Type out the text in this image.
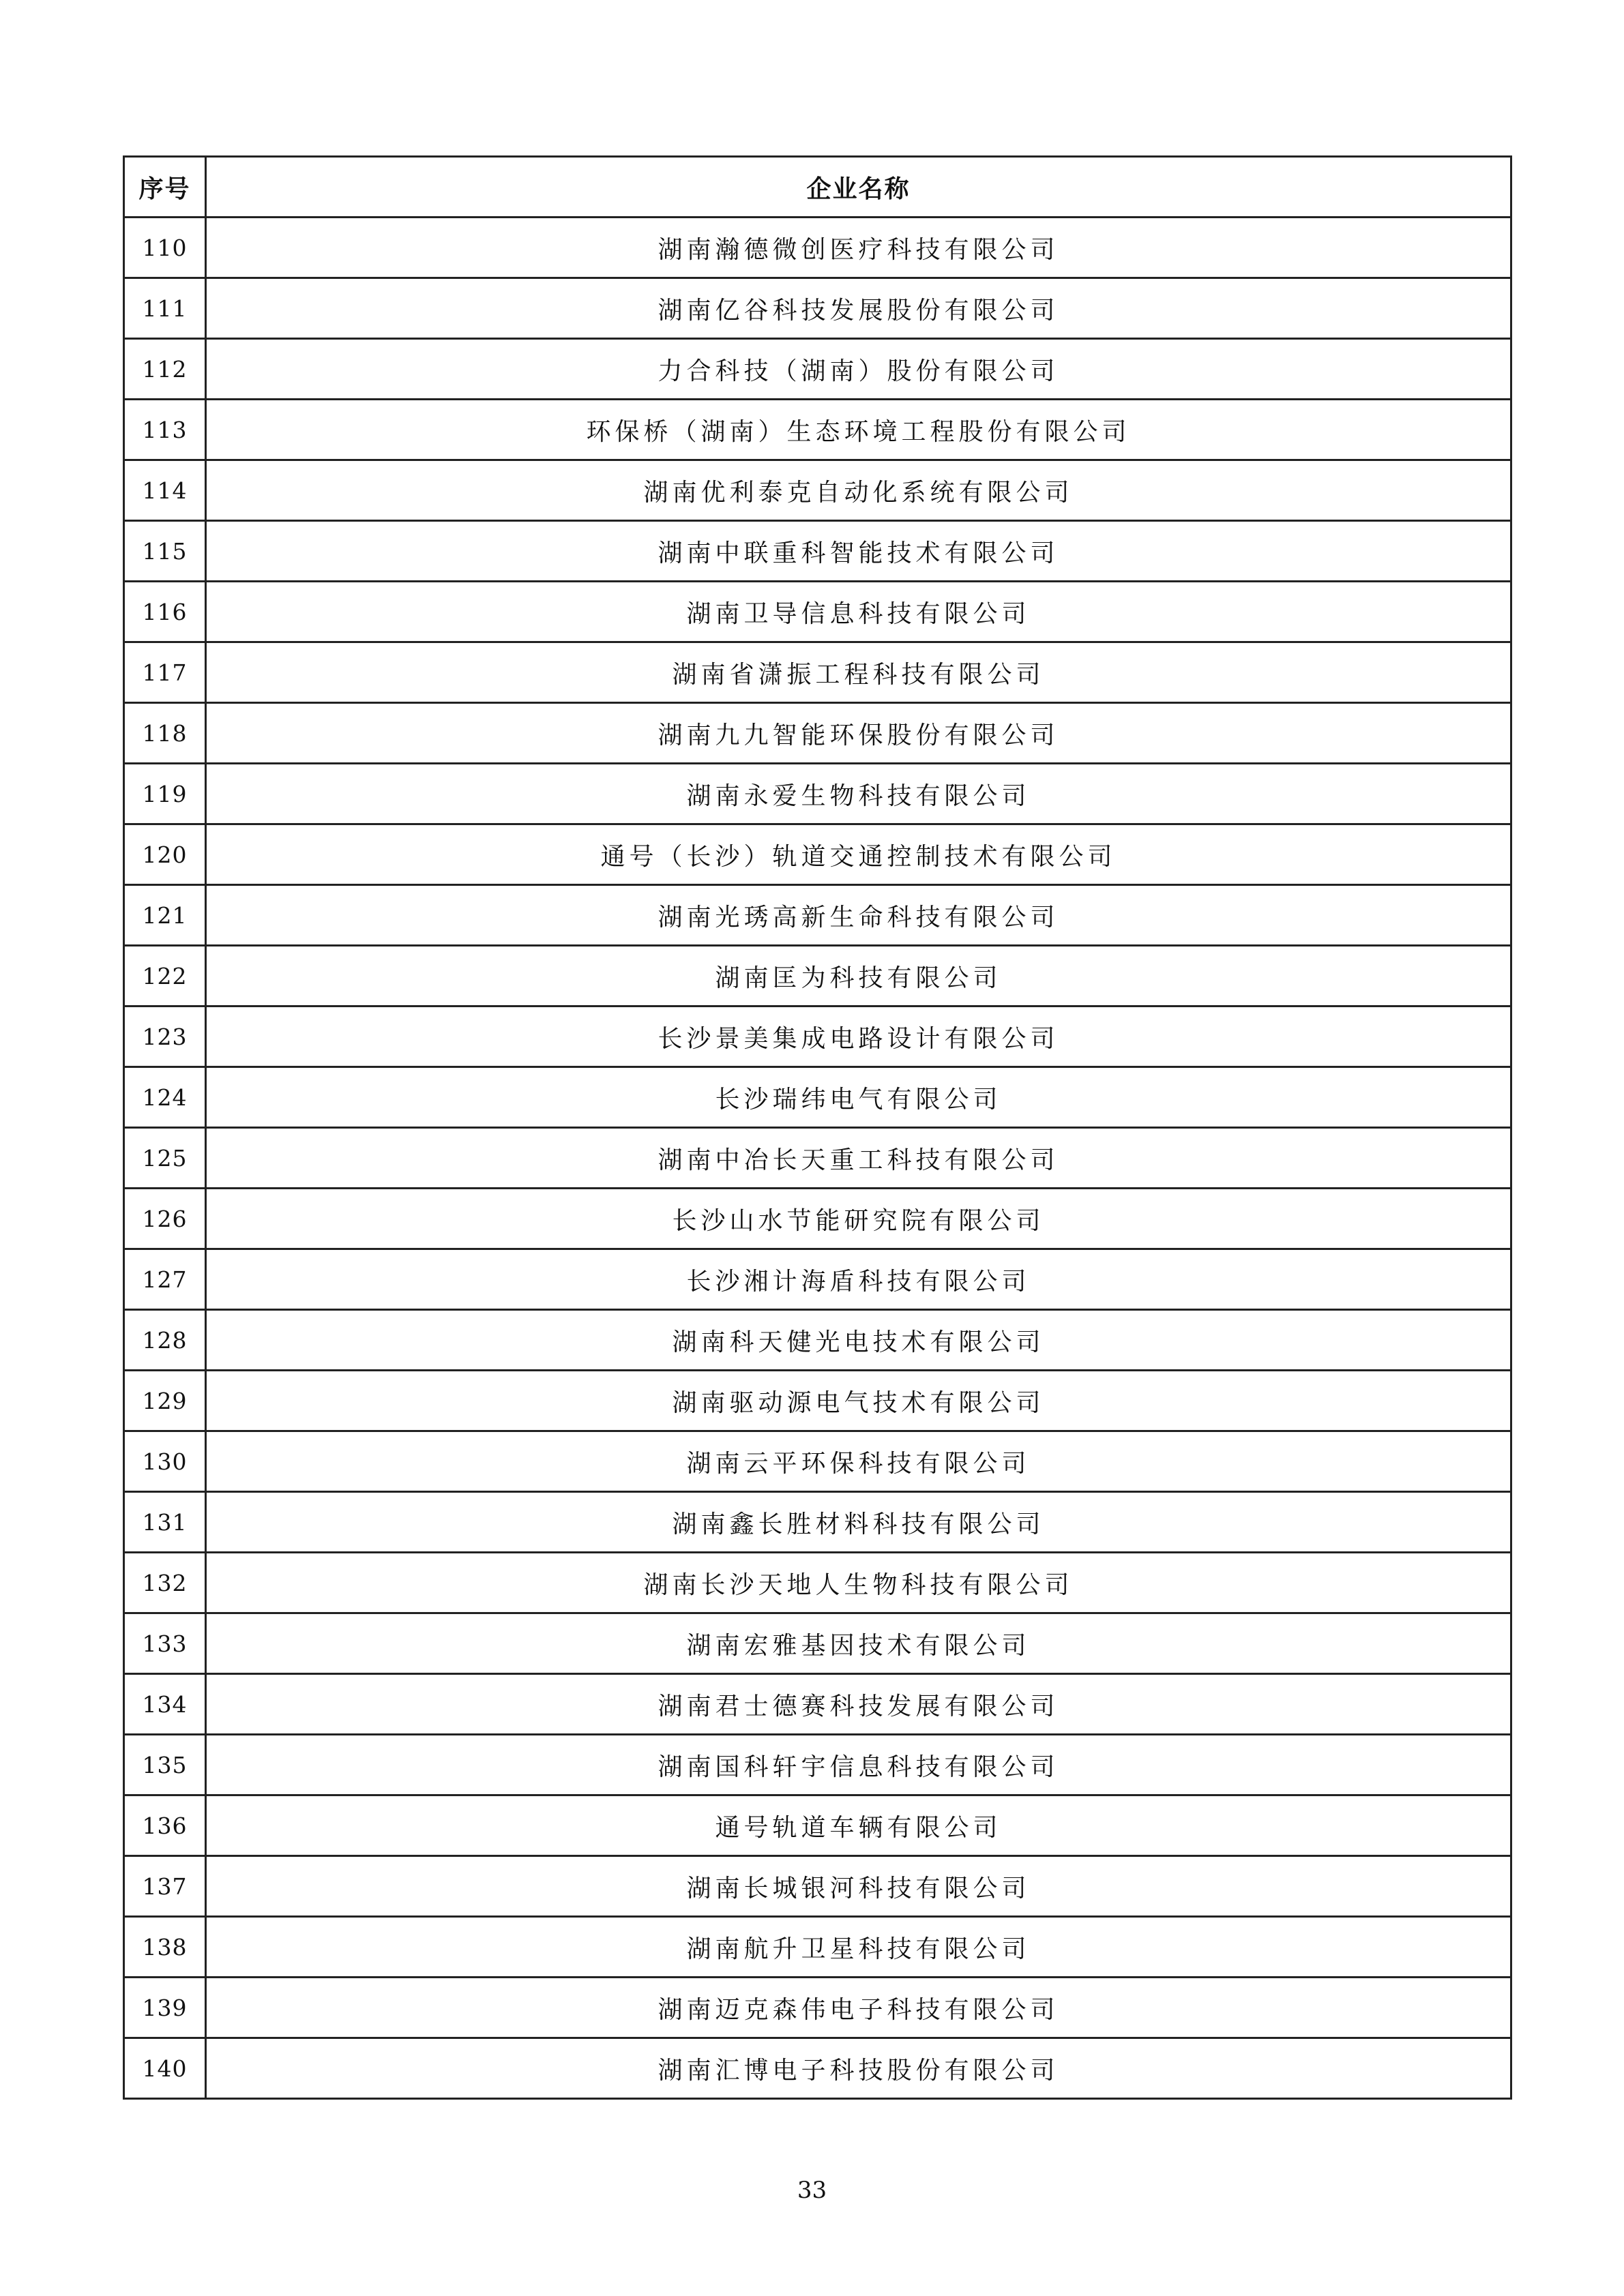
序号	企业名称
110	湖南瀚德微创医疗科技有限公司
111	湖南亿谷科技发展股份有限公司
112	力合科技（湖南）股份有限公司
113	环保桥（湖南）生态环境工程股份有限公司
114	湖南优利泰克自动化系统有限公司
115	湖南中联重科智能技术有限公司
116	湖南卫导信息科技有限公司
117	湖南省潇振工程科技有限公司
118	湖南九九智能环保股份有限公司
119	湖南永爱生物科技有限公司
120	通号（长沙）轨道交通控制技术有限公司
121	湖南光琇高新生命科技有限公司
122	湖南匡为科技有限公司
123	长沙景美集成电路设计有限公司
124	长沙瑞纬电气有限公司
125	湖南中冶长天重工科技有限公司
126	长沙山水节能研究院有限公司
127	长沙湘计海盾科技有限公司
128	湖南科天健光电技术有限公司
129	湖南驱动源电气技术有限公司
130	湖南云平环保科技有限公司
131	湖南鑫长胜材料科技有限公司
132	湖南长沙天地人生物科技有限公司
133	湖南宏雅基因技术有限公司
134	湖南君士德赛科技发展有限公司
135	湖南国科轩宇信息科技有限公司
136	通号轨道车辆有限公司
137	湖南长城银河科技有限公司
138	湖南航升卫星科技有限公司
139	湖南迈克森伟电子科技有限公司
140	湖南汇博电子科技股份有限公司
33
